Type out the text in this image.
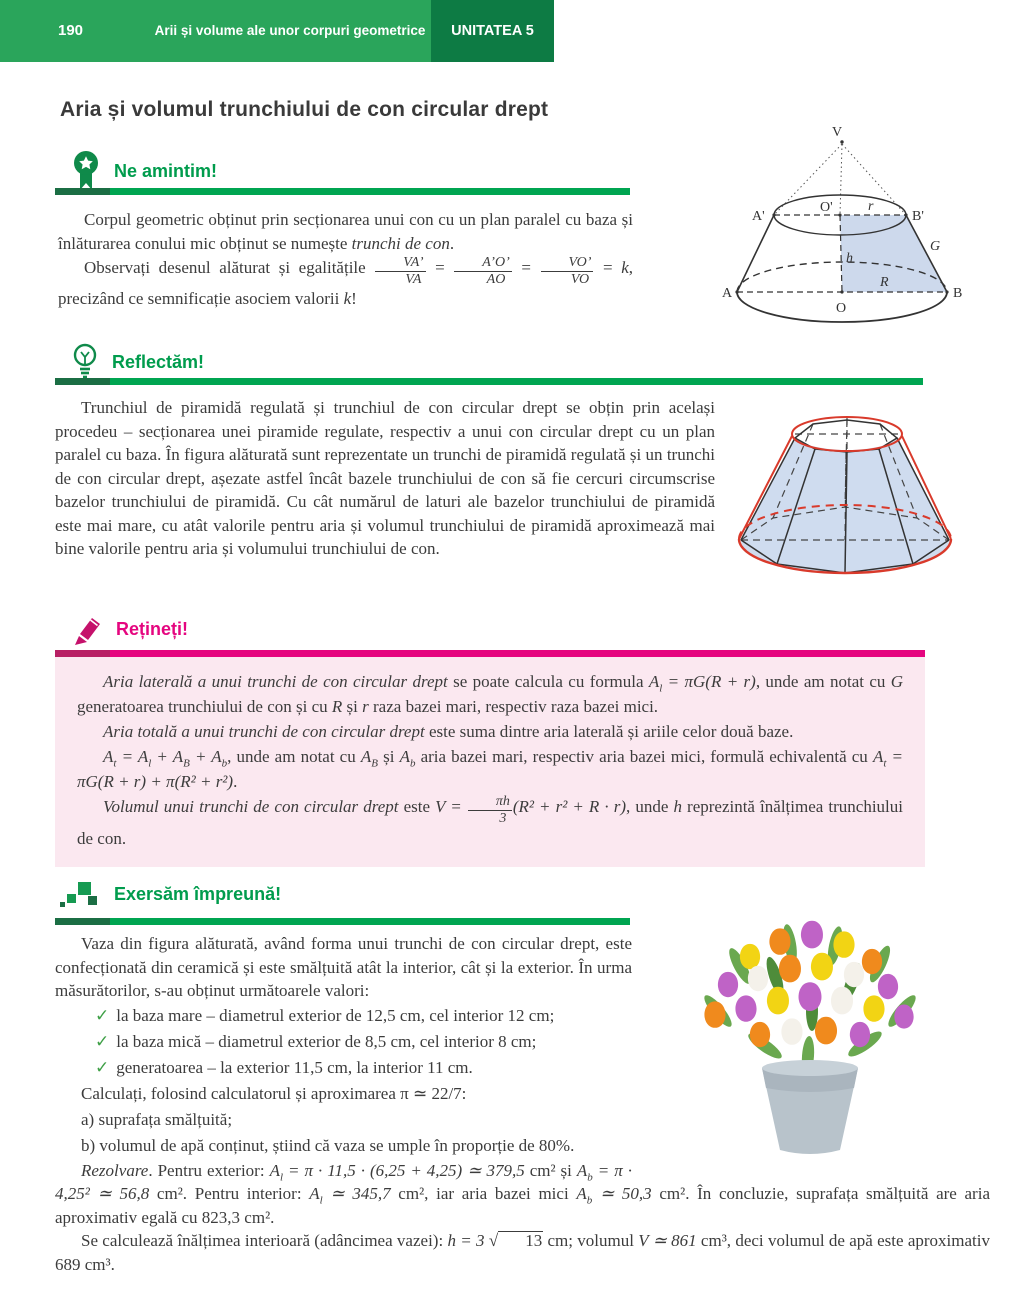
190	Arii și volume ale unor corpuri geometrice	UNITATEA 5
Aria și volumul trunchiului de con circular drept
Ne amintim!

Corpul geometric obținut prin secționarea unui con cu un plan paralel cu baza și înlăturarea conului mic obținut se numește trunchi de con.

Observați desenul alăturat și egalitățile $\frac{VA’}{VA} = \frac{A’O’}{AO} = \frac{VO’}{VO} = k$, precizând ce semnificație asociem valorii k!

V
A'
O'	r
B'
G
h
A
O
R
B
Reflectăm!

Trunchiul de piramidă regulată și trunchiul de con circular drept se obțin prin același procedeu – secționarea unei piramide regulate, respectiv a unui con circular drept cu un plan paralel cu baza. În figura alăturată sunt reprezentate un trunchi de piramidă regulată și un trunchi de con circular drept, așezate astfel încât bazele trunchiului de con să fie cercuri circumscrise bazelor trunchiului de piramidă. Cu cât numărul de laturi ale bazelor trunchiului de piramidă este mai mare, cu atât valorile pentru aria și volumul trunchiului de piramidă aproximează mai bine valorile pentru aria și volumului trunchiului de con.

Rețineți!

Aria laterală a unui trunchi de con circular drept se poate calcula cu formula $A_l = \pi G(R + r)$, unde am notat cu G generatoarea trunchiului de con și cu R și r raza bazei mari, respectiv raza bazei mici.

Aria totală a unui trunchi de con circular drept este suma dintre aria laterală și ariile celor două baze.

$A_t = A_l + A_B + A_b$, unde am notat cu $A_B$ și $A_b$ aria bazei mari, respectiv aria bazei mici, formulă echivalentă cu $A_t = \pi G(R + r) + \pi(R^2 + r^2)$.

Volumul unui trunchi de con circular drept este $V = \frac{\pi h}{3} (R^2 + r^2 + R \cdot r)$, unde h reprezintă înălțimea trunchiului de con.

Exersăm împreună!

Vaza din figura alăturată, având forma unui trunchi de con circular drept, este confecționată din ceramică și este smălțuită atât la interior, cât și la exterior. În urma măsurătorilor, s-au obținut următoarele valori:

✓ la baza mare – diametrul exterior de 12,5 cm, cel interior 12 cm;
✓ la baza mică – diametrul exterior de 8,5 cm, cel interior 8 cm;
✓ generatoarea – la exterior 11,5 cm, la interior 11 cm.
Calculați, folosind calculatorul și aproximarea π ≃ 22/7:
a) suprafața smălțuită;
b) volumul de apă conținut, știind că vaza se umple în proporție de 80%.

Rezolvare. Pentru exterior: $A_l = \pi \cdot 11,5 \cdot (6,25 + 4,25)$ ≃ 379,5 cm² și $A_b = \pi \cdot 4,25^2$ ≃ 56,8 cm². Pentru interior: $A_l$ ≃ 345,7 cm², iar aria bazei mici $A_b$ ≃ 50,3 cm². În concluzie, suprafața smălțuită are aria aproximativ egală cu 823,3 cm².

Se calculează înălțimea interioară (adâncimea vazei): h = 3 √ 13 cm; volumul V ≃ 861 cm³, deci volumul de apă este aproximativ 689 cm³.
